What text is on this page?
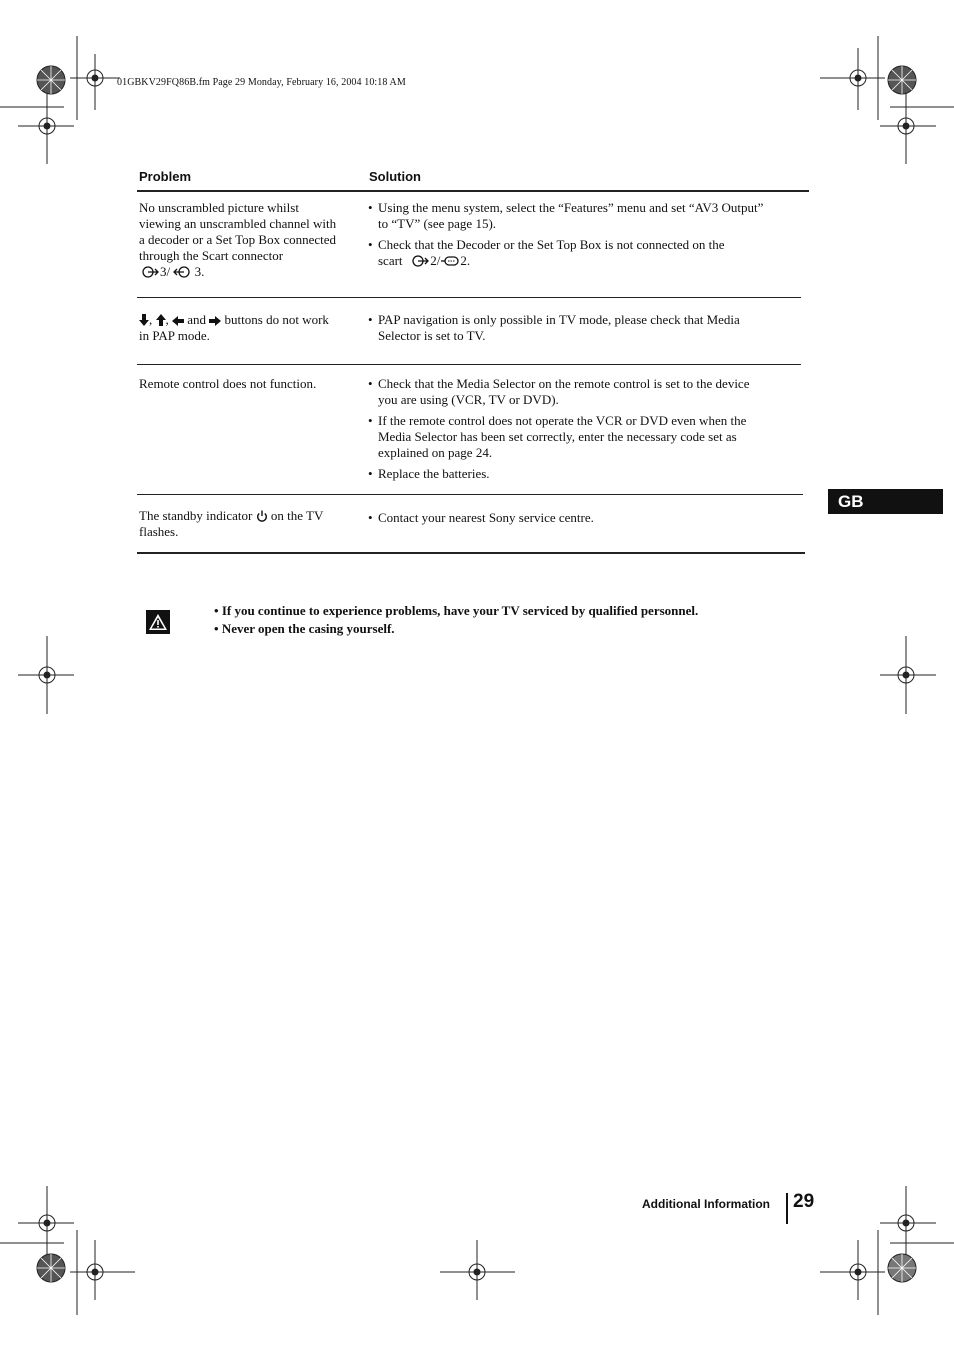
01GBKV29FQ86B.fm Page 29 Monday, February 16, 2004 10:18 AM
Problem	Solution
No unscrambled picture whilst
viewing an unscrambled channel with
a decoder or a Set Top Box connected
through the Scart connector
3/ 3.
• Using the menu system, select the “Features” menu and set “AV3 Output”
to “TV” (see page 15).
• Check that the Decoder or the Set Top Box is not connected on the
scart 2/ 2.
, , and buttons do not work
in PAP mode.
• PAP navigation is only possible in TV mode, please check that Media
Selector is set to TV.
Remote control does not function.
•	Check that the Media Selector on the remote control is set to the device
you are using (VCR, TV or DVD).
• If the remote control does not operate the VCR or DVD even when the
Media Selector has been set correctly, enter the necessary code set as
explained on page 24.
• Replace the batteries.
The standby indicator on the TV
flashes.
• Contact your nearest Sony service centre.
GB
• If you continue to experience problems, have your TV serviced by qualified personnel.
• Never open the casing yourself.
Additional Information 29
